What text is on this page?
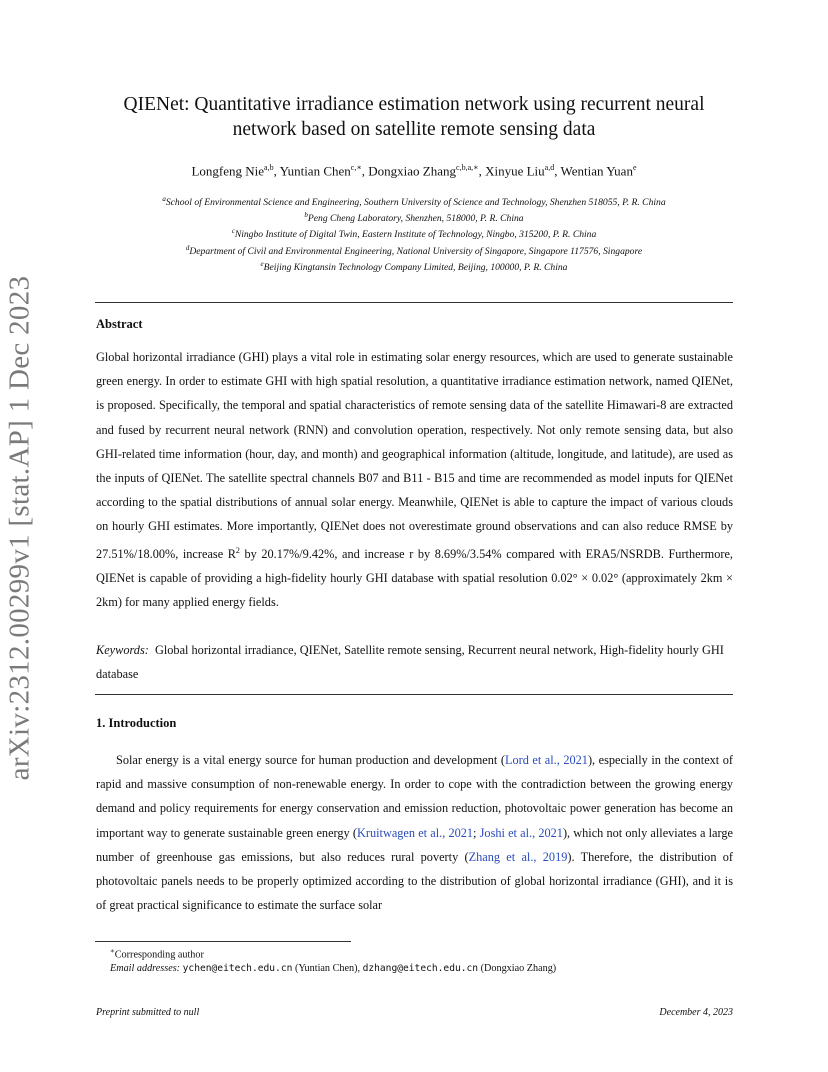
arXiv:2312.00299v1 [stat.AP] 1 Dec 2023
QIENet: Quantitative irradiance estimation network using recurrent neural
network based on satellite remote sensing data
Longfeng Nie$^{a,b}$, Yuntian Chen$^{c,∗}$, Dongxiao Zhang$^{c,b,a,∗}$, Xinyue Liu$^{a,d}$, Wentian Yuan$^e$
$^a$School of Environmental Science and Engineering, Southern University of Science and Technology, Shenzhen 518055, P. R. China
$^b$Peng Cheng Laboratory, Shenzhen, 518000, P. R. China
$^c$Ningbo Institute of Digital Twin, Eastern Institute of Technology, Ningbo, 315200, P. R. China
$^d$Department of Civil and Environmental Engineering, National University of Singapore, Singapore 117576, Singapore
$^e$Beijing Kingtansin Technology Company Limited, Beijing, 100000, P. R. China
Abstract

Global horizontal irradiance (GHI) plays a vital role in estimating solar energy resources, which are used to generate sustainable green energy. In order to estimate GHI with high spatial resolution, a quantitative irradiance estimation network, named QIENet, is proposed. Specifically, the temporal and spatial characteristics of remote sensing data of the satellite Himawari-8 are extracted and fused by recurrent neural network (RNN) and convolution operation, respectively. Not only remote sensing data, but also GHI-related time information (hour, day, and month) and geographical information (altitude, longitude, and latitude), are used as the inputs of QIENet. The satellite spectral channels B07 and B11 - B15 and time are recommended as model inputs for QIENet according to the spatial distributions of annual solar energy. Meanwhile, QIENet is able to capture the impact of various clouds on hourly GHI estimates. More importantly, QIENet does not overestimate ground observations and can also reduce RMSE by 27.51%/18.00%, increase $R^2$ by 20.17%/9.42%, and increase r by 8.69%/3.54% compared with ERA5/NSRDB. Furthermore, QIENet is capable of providing a high-fidelity hourly GHI database with spatial resolution 0.02° × 0.02° (approximately 2km × 2km) for many applied energy fields.

Keywords: Global horizontal irradiance, QIENet, Satellite remote sensing, Recurrent neural network, High-fidelity hourly GHI database
1. Introduction

Solar energy is a vital energy source for human production and development (Lord et al., 2021), especially in the context of rapid and massive consumption of non-renewable energy. In order to cope with the contradiction between the growing energy demand and policy requirements for energy conservation and emission reduction, photovoltaic power generation has become an important way to generate sustainable green energy (Kruitwagen et al., 2021; Joshi et al., 2021), which not only alleviates a large number of greenhouse gas emissions, but also reduces rural poverty (Zhang et al., 2019). Therefore, the distribution of photovoltaic panels needs to be properly optimized according to the distribution of global horizontal irradiance (GHI), and it is of great practical significance to estimate the surface solar

∗Corresponding author
Email addresses: ychen@eitech.edu.cn (Yuntian Chen), dzhang@eitech.edu.cn (Dongxiao Zhang)
Preprint submitted to null	December 4, 2023
